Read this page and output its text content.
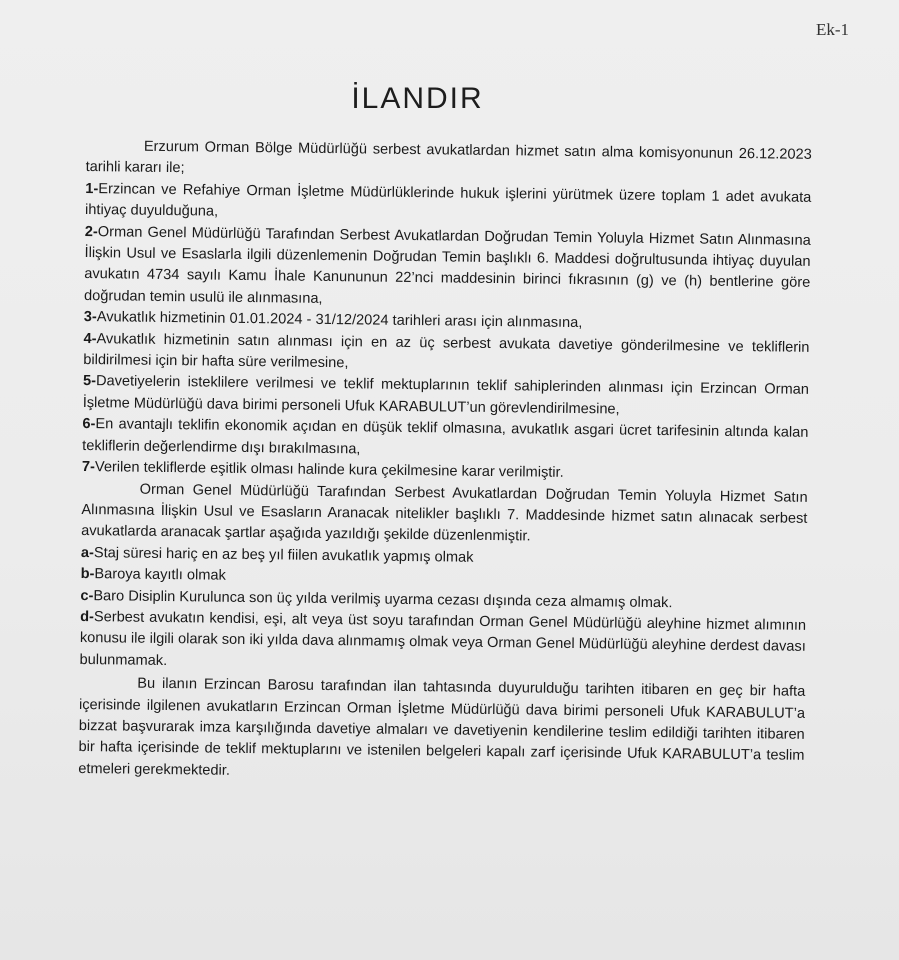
Ek-1
İLANDIR

Erzurum Orman Bölge Müdürlüğü serbest avukatlardan hizmet satın alma komisyonunun 26.12.2023 tarihli kararı ile;

1-Erzincan ve Refahiye Orman İşletme Müdürlüklerinde hukuk işlerini yürütmek üzere toplam 1 adet avukata ihtiyaç duyulduğuna,

2-Orman Genel Müdürlüğü Tarafından Serbest Avukatlardan Doğrudan Temin Yoluyla Hizmet Satın Alınmasına İlişkin Usul ve Esaslarla ilgili düzenlemenin Doğrudan Temin başlıklı 6. Maddesi doğrultusunda ihtiyaç duyulan avukatın 4734 sayılı Kamu İhale Kanununun 22’nci maddesinin birinci fıkrasının (g) ve (h) bentlerine göre doğrudan temin usulü ile alınmasına,

3-Avukatlık hizmetinin 01.01.2024 - 31/12/2024 tarihleri arası için alınmasına,

4-Avukatlık hizmetinin satın alınması için en az üç serbest avukata davetiye gönderilmesine ve tekliflerin bildirilmesi için bir hafta süre verilmesine,

5-Davetiyelerin isteklilere verilmesi ve teklif mektuplarının teklif sahiplerinden alınması için Erzincan Orman İşletme Müdürlüğü dava birimi personeli Ufuk KARABULUT’un görevlendirilmesine,

6-En avantajlı teklifin ekonomik açıdan en düşük teklif olmasına, avukatlık asgari ücret tarifesinin altında kalan tekliflerin değerlendirme dışı bırakılmasına,

7-Verilen tekliflerde eşitlik olması halinde kura çekilmesine karar verilmiştir.

Orman Genel Müdürlüğü Tarafından Serbest Avukatlardan Doğrudan Temin Yoluyla Hizmet Satın Alınmasına İlişkin Usul ve Esasların Aranacak nitelikler başlıklı 7. Maddesinde hizmet satın alınacak serbest avukatlarda aranacak şartlar aşağıda yazıldığı şekilde düzenlenmiştir.

a-Staj süresi hariç en az beş yıl fiilen avukatlık yapmış olmak

b-Baroya kayıtlı olmak

c-Baro Disiplin Kurulunca son üç yılda verilmiş uyarma cezası dışında ceza almamış olmak.

d-Serbest avukatın kendisi, eşi, alt veya üst soyu tarafından Orman Genel Müdürlüğü aleyhine hizmet alımının konusu ile ilgili olarak son iki yılda dava alınmamış olmak veya Orman Genel Müdürlüğü aleyhine derdest davası bulunmamak.

Bu ilanın Erzincan Barosu tarafından ilan tahtasında duyurulduğu tarihten itibaren en geç bir hafta içerisinde ilgilenen avukatların Erzincan Orman İşletme Müdürlüğü dava birimi personeli Ufuk KARABULUT’a bizzat başvurarak imza karşılığında davetiye almaları ve davetiyenin kendilerine teslim edildiği tarihten itibaren bir hafta içerisinde de teklif mektuplarını ve istenilen belgeleri kapalı zarf içerisinde Ufuk KARABULUT’a teslim etmeleri gerekmektedir.
